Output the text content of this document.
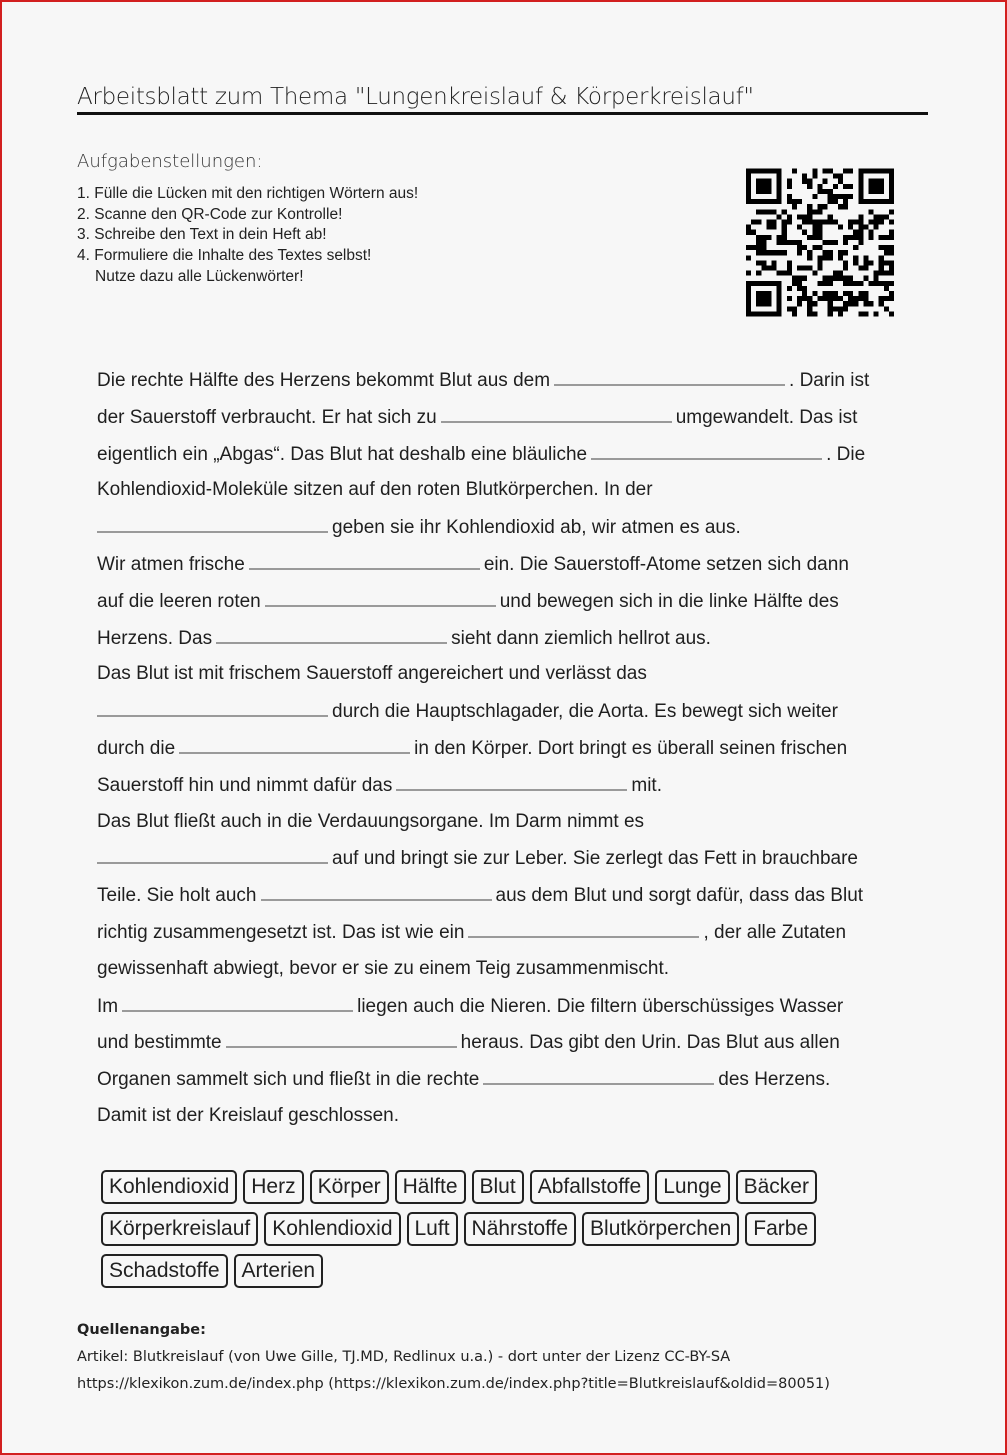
Arbeitsblatt zum Thema "Lungenkreislauf & Körperkreislauf"
Aufgabenstellungen:
1. Fülle die Lücken mit den richtigen Wörtern aus!
2. Scanne den QR-Code zur Kontrolle!
3. Schreibe den Text in dein Heft ab!
4. Formuliere die Inhalte des Textes selbst!
Nutze dazu alle Lückenwörter!
Die rechte Hälfte des Herzens bekommt Blut aus dem	. Darin ist
der Sauerstoff verbraucht. Er hat sich zu	umgewandelt. Das ist
eigentlich ein „Abgas“. Das Blut hat deshalb eine bläuliche	. Die
Kohlendioxid-Moleküle sitzen auf den roten Blutkörperchen. In der
geben sie ihr Kohlendioxid ab, wir atmen es aus.
Wir atmen frische	ein. Die Sauerstoff-Atome setzen sich dann
auf die leeren roten	und bewegen sich in die linke Hälfte des
Herzens. Das	sieht dann ziemlich hellrot aus.
Das Blut ist mit frischem Sauerstoff angereichert und verlässt das
durch die Hauptschlagader, die Aorta. Es bewegt sich weiter
durch die	in den Körper. Dort bringt es überall seinen frischen
Sauerstoff hin und nimmt dafür das	mit.
Das Blut fließt auch in die Verdauungsorgane. Im Darm nimmt es
auf und bringt sie zur Leber. Sie zerlegt das Fett in brauchbare
Teile. Sie holt auch	aus dem Blut und sorgt dafür, dass das Blut
richtig zusammengesetzt ist. Das ist wie ein	, der alle Zutaten
gewissenhaft abwiegt, bevor er sie zu einem Teig zusammenmischt.
Im	liegen auch die Nieren. Die filtern überschüssiges Wasser
und bestimmte	heraus. Das gibt den Urin. Das Blut aus allen
Organen sammelt sich und fließt in die rechte	des Herzens.
Damit ist der Kreislauf geschlossen.
Kohlendioxid	Herz	Körper	Hälfte	Blut	Abfallstoffe	Lunge	Bäcker
Körperkreislauf	Kohlendioxid	Luft	Nährstoffe	Blutkörperchen	Farbe
Schadstoffe	Arterien
Quellenangabe:
Artikel: Blutkreislauf (von Uwe Gille, TJ.MD, Redlinux u.a.) - dort unter der Lizenz CC-BY-SA
https://klexikon.zum.de/index.php (https://klexikon.zum.de/index.php?title=Blutkreislauf&oldid=80051)
